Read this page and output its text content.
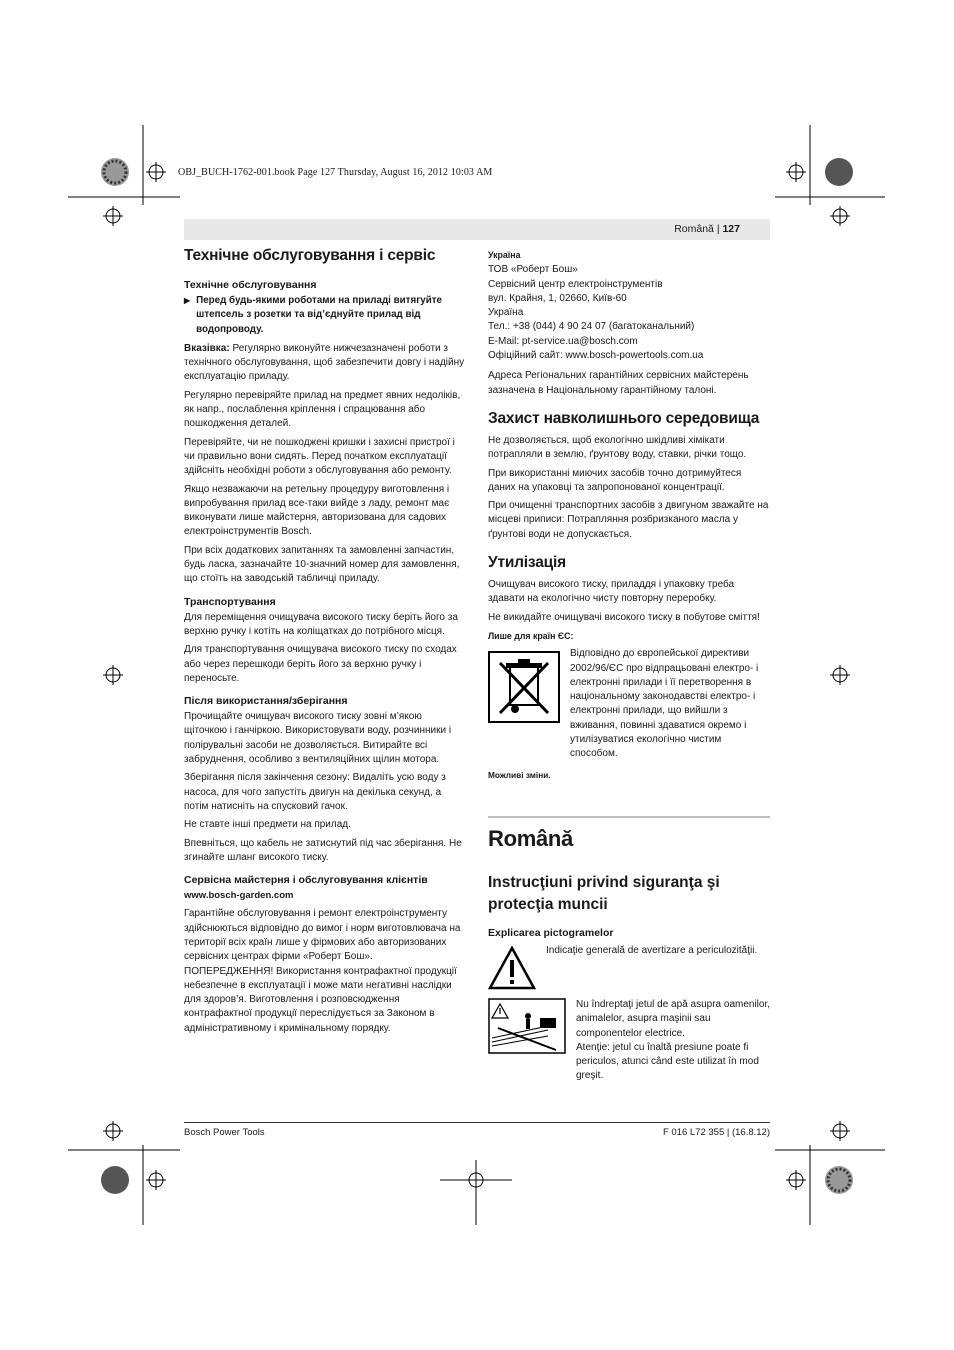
OBJ_BUCH-1762-001.book Page 127 Thursday, August 16, 2012 10:03 AM
Română | 127
Технічне обслуговування і сервіс
Технічне обслуговування
▶ Перед будь-якими роботами на приладі витягуйте штепсель з розетки та від’єднуйте прилад від водопроводу.

Вказівка: Регулярно виконуйте нижчезазначені роботи з технічного обслуговування, щоб забезпечити довгу і надійну експлуатацію приладу.

Регулярно перевіряйте прилад на предмет явних недоліків, як напр., послаблення кріплення і спрацювання або пошкодження деталей.

Перевіряйте, чи не пошкоджені кришки і захисні пристрої і чи правильно вони сидять. Перед початком експлуатації здійсніть необхідні роботи з обслуговування або ремонту.

Якщо незважаючи на ретельну процедуру виготовлення і випробування прилад все-таки вийде з ладу, ремонт має виконувати лише майстерня, авторизована для садових електроінструментів Bosch.

При всіх додаткових запитаннях та замовленні запчастин, будь ласка, зазначайте 10-значний номер для замовлення, що стоїть на заводській табличці приладу.

Транспортування

Для переміщення очищувача високого тиску беріть його за верхню ручку і котіть на коліщатках до потрібного місця.

Для транспортування очищувача високого тиску по сходах або через перешкоди беріть його за верхню ручку і переносьте.

Після використання/зберігання

Прочищайте очищувач високого тиску зовні м’якою щіточкою і ганчіркою. Використовувати воду, розчинники і полірувальні засоби не дозволяється. Витирайте всі забруднення, особливо з вентиляційних щілин мотора.

Зберігання після закінчення сезону: Видаліть усю воду з насоса, для чого запустіть двигун на декілька секунд, а потім натисніть на спусковий гачок.

Не ставте інші предмети на прилад.

Впевніться, що кабель не затиснутий під час зберігання. Не згинайте шланг високого тиску.

Сервісна майстерня і обслуговування клієнтів

www.bosch-garden.com

Гарантійне обслуговування і ремонт електроінструменту здійснюються відповідно до вимог і норм виготовлювача на території всіх країн лише у фірмових або авторизованих сервісних центрах фірми «Роберт Бош».

ПОПЕРЕДЖЕННЯ! Використання контрафактної продукції небезпечне в експлуатації і може мати негативні наслідки для здоров’я. Виготовлення і розповсюдження контрафактної продукції переслідується за Законом в адміністративному і кримінальному порядку.

Україна
ТОВ «Роберт Бош»
Сервісний центр електроінструментів
вул. Крайня, 1, 02660, Київ-60
Україна
Тел.: +38 (044) 4 90 24 07 (багатоканальний)
E-Mail: pt-service.ua@bosch.com
Офіційний сайт: www.bosch-powertools.com.ua

Адреса Регіональних гарантійних сервісних майстерень зазначена в Національному гарантійному талоні.

Захист навколишнього середовища

Не дозволяється, щоб екологічно шкідливі хімікати потрапляли в землю, ґрунтову воду, ставки, річки тощо.

При використанні миючих засобів точно дотримуйтеся даних на упаковці та запропонованої концентрації.

При очищенні транспортних засобів з двигуном зважайте на місцеві приписи: Потрапляння розбризканого масла у ґрунтові води не допускається.

Утилізація

Очищувач високого тиску, приладдя і упаковку треба здавати на екологічно чисту повторну переробку.

Не викидайте очищувачі високого тиску в побутове сміття!

Лише для країн ЄС:
Відповідно до європейської директиви 2002/96/ЄС про відпрацьовані електро- і електронні прилади і її перетворення в національному законодавстві електро- і електронні прилади, що вийшли з вживання, повинні здаватися окремо і утилізуватися екологічно чистим способом.
Можливі зміни.
Română
Instrucţiuni privind siguranţa şi protecţia muncii
Explicarea pictogramelor
Indicaţie generală de avertizare a periculozităţii.
Nu îndreptaţi jetul de apă asupra oamenilor, animalelor, asupra maşinii sau componentelor electrice.
Atenţie: jetul cu înaltă presiune poate fi periculos, atunci când este utilizat în mod greşit.
Bosch Power Tools	F 016 L72 355 | (16.8.12)
